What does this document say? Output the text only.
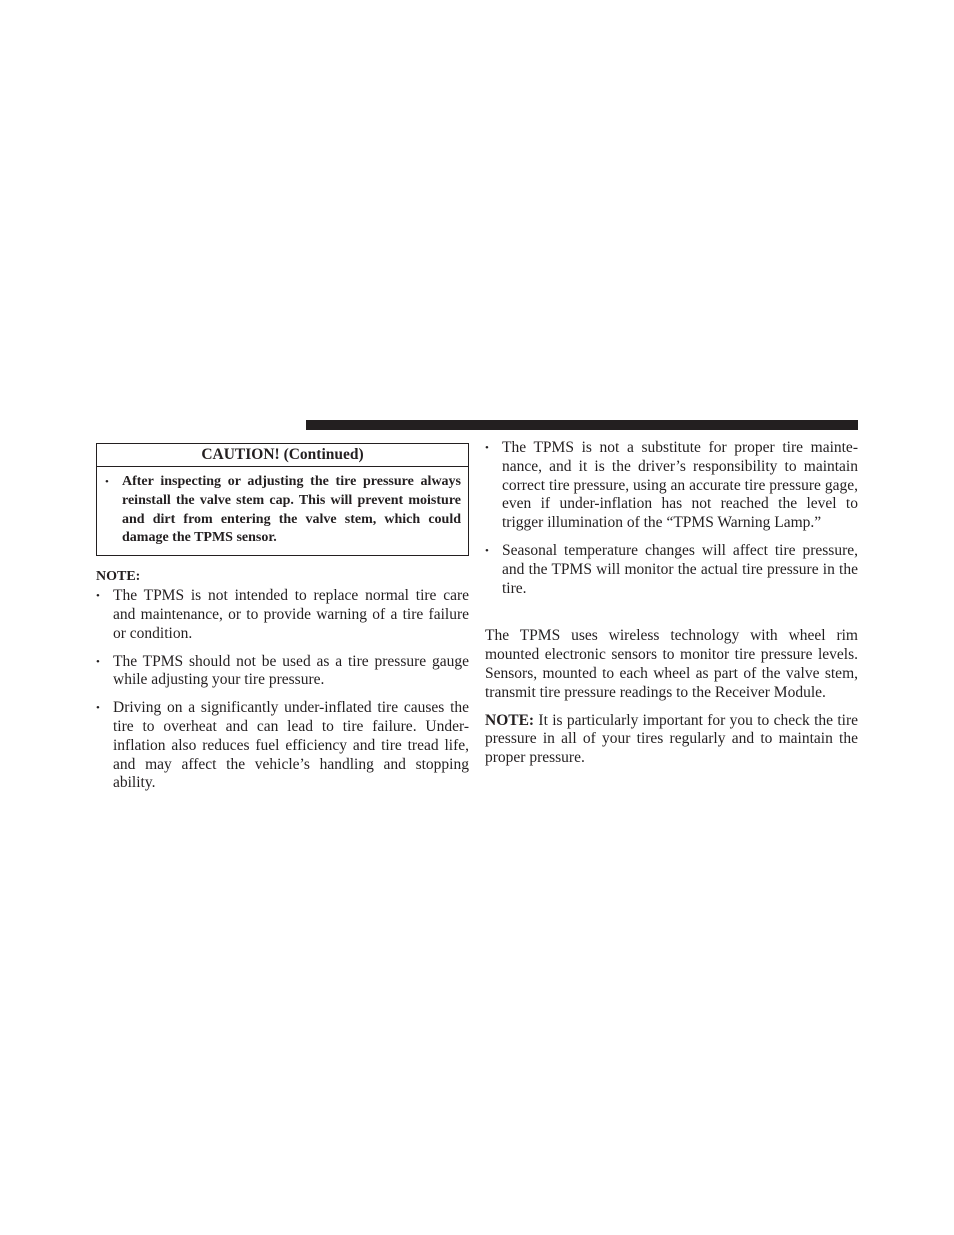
CAUTION! (Continued)
• After inspecting or adjusting the tire pressure always reinstall the valve stem cap. This will prevent moisture and dirt from entering the valve stem, which could damage the TPMS sensor.
NOTE:
• The TPMS is not intended to replace normal tire care and maintenance, or to provide warning of a tire failure or condition.
• The TPMS should not be used as a tire pressure gauge while adjusting your tire pressure.
• Driving on a significantly under-inflated tire causes the tire to overheat and can lead to tire failure. Under-inflation also reduces fuel efficiency and tire tread life, and may affect the vehicle’s handling and stopping ability.
• The TPMS is not a substitute for proper tire maintenance, and it is the driver’s responsibility to maintain correct tire pressure, using an accurate tire pressure gage, even if under-inflation has not reached the level to trigger illumination of the “TPMS Warning Lamp.”
• Seasonal temperature changes will affect tire pressure, and the TPMS will monitor the actual tire pressure in the tire.

The TPMS uses wireless technology with wheel rim mounted electronic sensors to monitor tire pressure levels. Sensors, mounted to each wheel as part of the valve stem, transmit tire pressure readings to the Receiver Module.

NOTE: It is particularly important for you to check the tire pressure in all of your tires regularly and to maintain the proper pressure.
